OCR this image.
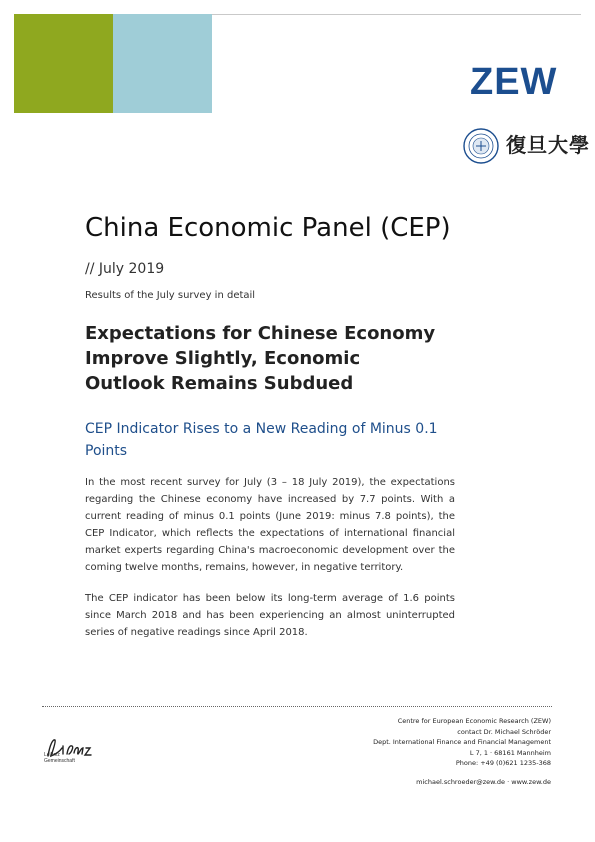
ZEW
復旦大學
China Economic Panel (CEP)
// July 2019
Results of the July survey in detail
Expectations for Chinese Economy Improve Slightly, Economic Outlook Remains Subdued
CEP Indicator Rises to a New Reading of Minus 0.1 Points

In the most recent survey for July (3 – 18 July 2019), the expectations regarding the Chinese economy have increased by 7.7 points. With a current reading of minus 0.1 points (June 2019: minus 7.8 points), the CEP Indicator, which reflects the expectations of international financial market experts regarding China's macroeconomic development over the coming twelve months, remains, however, in negative territory.

The CEP indicator has been below its long-term average of 1.6 points since March 2018 and has been experiencing an almost uninterrupted series of negative readings since April 2018.

Leibniz
Gemeinschaft
Centre for European Economic Research (ZEW)
contact Dr. Michael Schröder
Dept. International Finance and Financial Management
L 7, 1 · 68161 Mannheim
Phone: +49 (0)621 1235-368
michael.schroeder@zew.de · www.zew.de
